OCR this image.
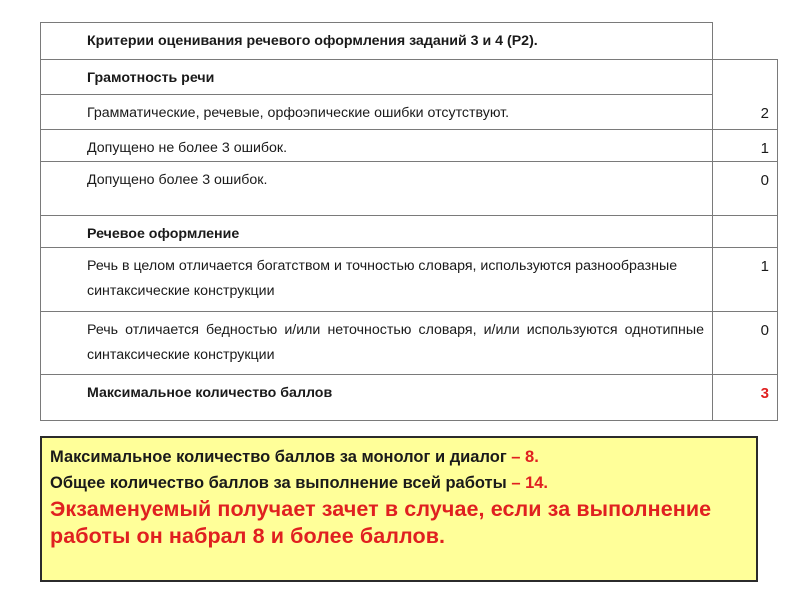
Критерии оценивания речевого оформления заданий 3 и 4 (Р2).	
Грамотность речи	
Грамматические, речевые, орфоэпические ошибки отсутствуют.	2
Допущено не более 3 ошибок.	1
Допущено более 3 ошибок.	0
Речевое оформление	
Речь в целом отличается богатством и точностью словаря, используются разнообразные синтаксические конструкции	1
Речь отличается бедностью и/или неточностью словаря, и/или используются однотипные синтаксические конструкции	0
Максимальное количество баллов	3
Максимальное количество баллов за монолог и диалог – 8.
Общее количество баллов за выполнение всей работы – 14.
Экзаменуемый получает зачет в случае, если за выполнение работы он набрал 8 и более баллов.
